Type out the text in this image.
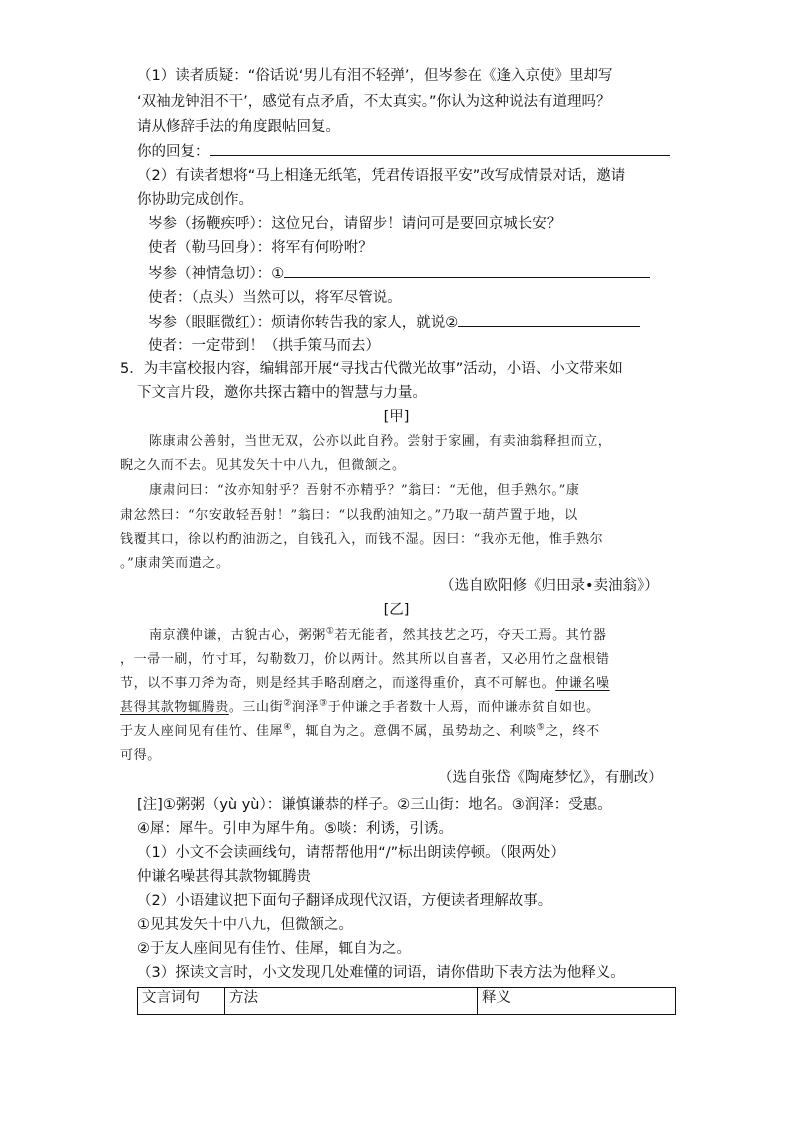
（1）读者质疑：“俗话说‘男儿有泪不轻弹’，但岑参在《逢入京使》里却写
‘双袖龙钟泪不干’，感觉有点矛盾，不太真实。”你认为这种说法有道理吗？
请从修辞手法的角度跟帖回复。
你的回复：
（2）有读者想将“马上相逢无纸笔，凭君传语报平安”改写成情景对话，邀请
你协助完成创作。
岑参（扬鞭疾呼）：这位兄台，请留步！请问可是要回京城长安？
使者（勒马回身）：将军有何吩咐？
岑参（神情急切）：①
使者：（点头）当然可以，将军尽管说。
岑参（眼眶微红）：烦请你转告我的家人，就说②
使者：一定带到！（拱手策马而去）
5．为丰富校报内容，编辑部开展“寻找古代微光故事”活动，小语、小文带来如
下文言片段，邀你共探古籍中的智慧与力量。
[甲]
陈康肃公善射，当世无双，公亦以此自矜。尝射于家圃，有卖油翁释担而立，
睨之久而不去。见其发矢十中八九，但微颔之。
康肃问曰：“汝亦知射乎？吾射不亦精乎？”翁曰：“无他，但手熟尔。”康
肃忿然曰：“尔安敢轻吾射！”翁曰：“以我酌油知之。”乃取一葫芦置于地，以
钱覆其口，徐以杓酌油沥之，自钱孔入，而钱不湿。因曰：“我亦无他，惟手熟尔
。”康肃笑而遣之。
（选自欧阳修《归田录•卖油翁》）
[乙]
南京濮仲谦，古貌古心，粥粥①若无能者，然其技艺之巧，夺天工焉。其竹器
，一帚一刷，竹寸耳，勾勒数刀，价以两计。然其所以自喜者，又必用竹之盘根错
节，以不事刀斧为奇，则是经其手略刮磨之，而遂得重价，真不可解也。仲谦名噪
甚得其款物辄腾贵。三山街②润泽③于仲谦之手者数十人焉，而仲谦赤贫自如也。
于友人座间见有佳竹、佳犀④，辄自为之。意偶不属，虽势劫之、利啖⑤之，终不
可得。
（选自张岱《陶庵梦忆》，有删改）
[注]①粥粥（yù yù）：谦慎谦恭的样子。②三山街：地名。③润泽：受惠。
④犀：犀牛。引申为犀牛角。⑤啖：利诱，引诱。
（1）小文不会读画线句，请帮帮他用“/”标出朗读停顿。（限两处）
仲谦名噪甚得其款物辄腾贵
（2）小语建议把下面句子翻译成现代汉语，方便读者理解故事。
①见其发矢十中八九，但微颔之。
②于友人座间见有佳竹、佳犀，辄自为之。
（3）探读文言时，小文发现几处难懂的词语，请你借助下表方法为他释义。
文言词句	方法	释义
